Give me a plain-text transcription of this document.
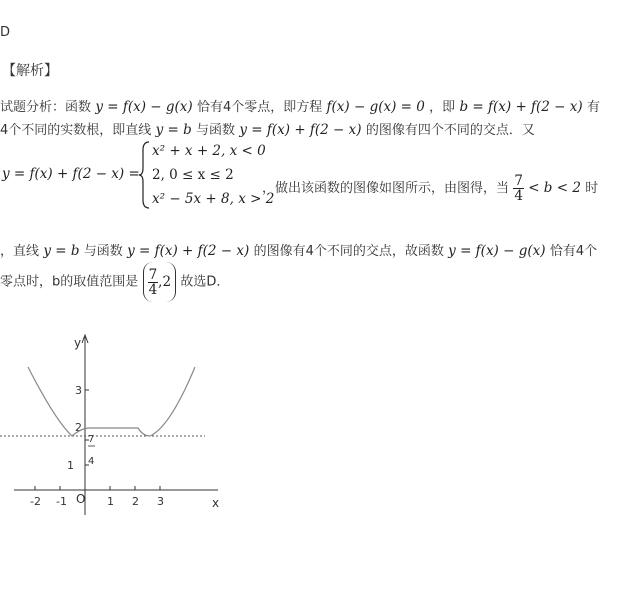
D
【解析】
试题分析：函数 y = f(x) − g(x) 恰有4个零点，即方程 f(x) − g(x) = 0 ，即 b = f(x) + f(2 − x) 有
4个不同的实数根，即直线 y = b 与函数 y = f(x) + f(2 − x) 的图像有四个不同的交点．又
y = f(x) + f(2 − x) =
x² + x + 2, x < 0
2, 0 ≤ x ≤ 2
x² − 5x + 8, x > 2
，做出该函数的图像如图所示，由图得，当 $\frac{7}{4} < b < 2$ 时
，直线 y = b 与函数 y = f(x) + f(2 − x) 的图像有4个不同的交点，故函数 y = f(x) − g(x) 恰有4个
零点时，b的取值范围是 $\frac{7}{4} ,2$ 故选D．
y
x
O
-2 -1	1 2 3
1
2
3
7
4
